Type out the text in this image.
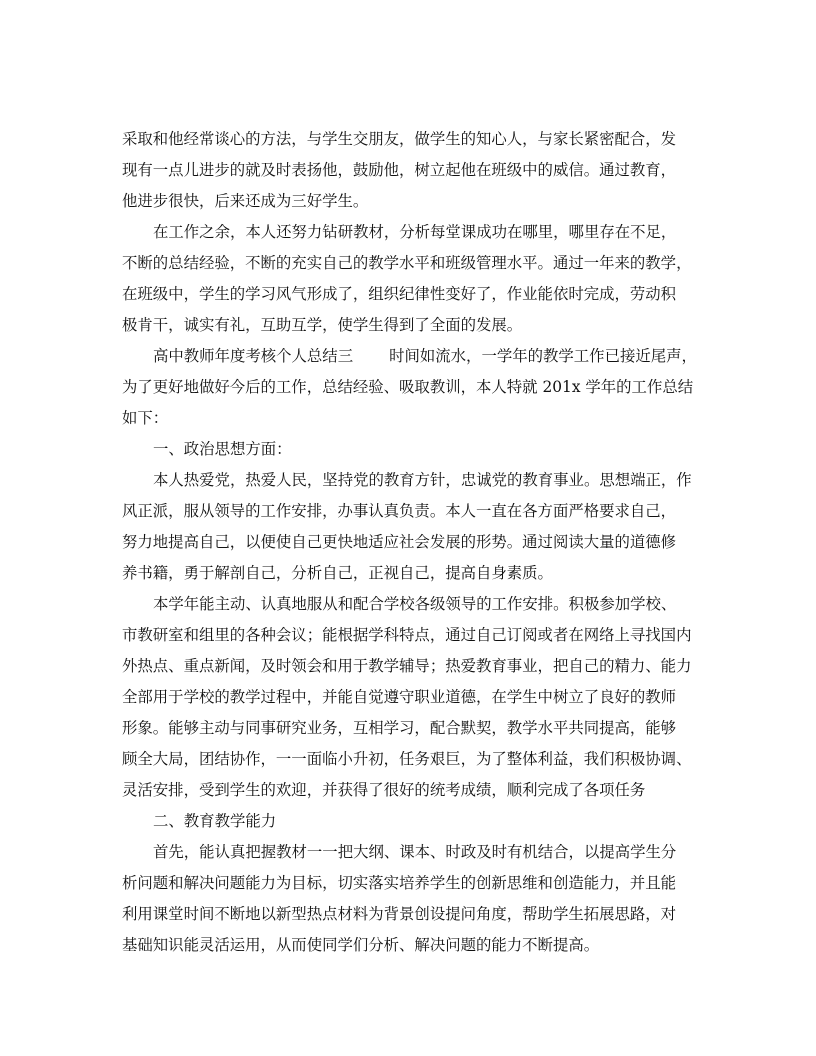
采取和他经常谈心的方法，与学生交朋友，做学生的知心人，与家长紧密配合，发
现有一点儿进步的就及时表扬他，鼓励他，树立起他在班级中的威信。通过教育，
他进步很快，后来还成为三好学生。
在工作之余，本人还努力钻研教材，分析每堂课成功在哪里，哪里存在不足，
不断的总结经验，不断的充实自己的教学水平和班级管理水平。通过一年来的教学，
在班级中，学生的学习风气形成了，组织纪律性变好了，作业能依时完成，劳动积
极肯干，诚实有礼，互助互学，使学生得到了全面的发展。
高中教师年度考核个人总结三 时间如流水，一学年的教学工作已接近尾声，
为了更好地做好今后的工作，总结经验、吸取教训，本人特就 201x 学年的工作总结
如下：
一、政治思想方面：
本人热爱党，热爱人民，坚持党的教育方针，忠诚党的教育事业。思想端正，作
风正派，服从领导的工作安排，办事认真负责。本人一直在各方面严格要求自己，
努力地提高自己，以便使自己更快地适应社会发展的形势。通过阅读大量的道德修
养书籍，勇于解剖自己，分析自己，正视自己，提高自身素质。
本学年能主动、认真地服从和配合学校各级领导的工作安排。积极参加学校、
市教研室和组里的各种会议；能根据学科特点，通过自己订阅或者在网络上寻找国内
外热点、重点新闻，及时领会和用于教学辅导；热爱教育事业，把自己的精力、能力
全部用于学校的教学过程中，并能自觉遵守职业道德，在学生中树立了良好的教师
形象。能够主动与同事研究业务，互相学习，配合默契，教学水平共同提高，能够
顾全大局，团结协作，一一面临小升初，任务艰巨，为了整体利益，我们积极协调、
灵活安排，受到学生的欢迎，并获得了很好的统考成绩，顺利完成了各项任务
二、教育教学能力
首先，能认真把握教材一一把大纲、课本、时政及时有机结合，以提高学生分
析问题和解决问题能力为目标，切实落实培养学生的创新思维和创造能力，并且能
利用课堂时间不断地以新型热点材料为背景创设提问角度，帮助学生拓展思路，对
基础知识能灵活运用，从而使同学们分析、解决问题的能力不断提高。
